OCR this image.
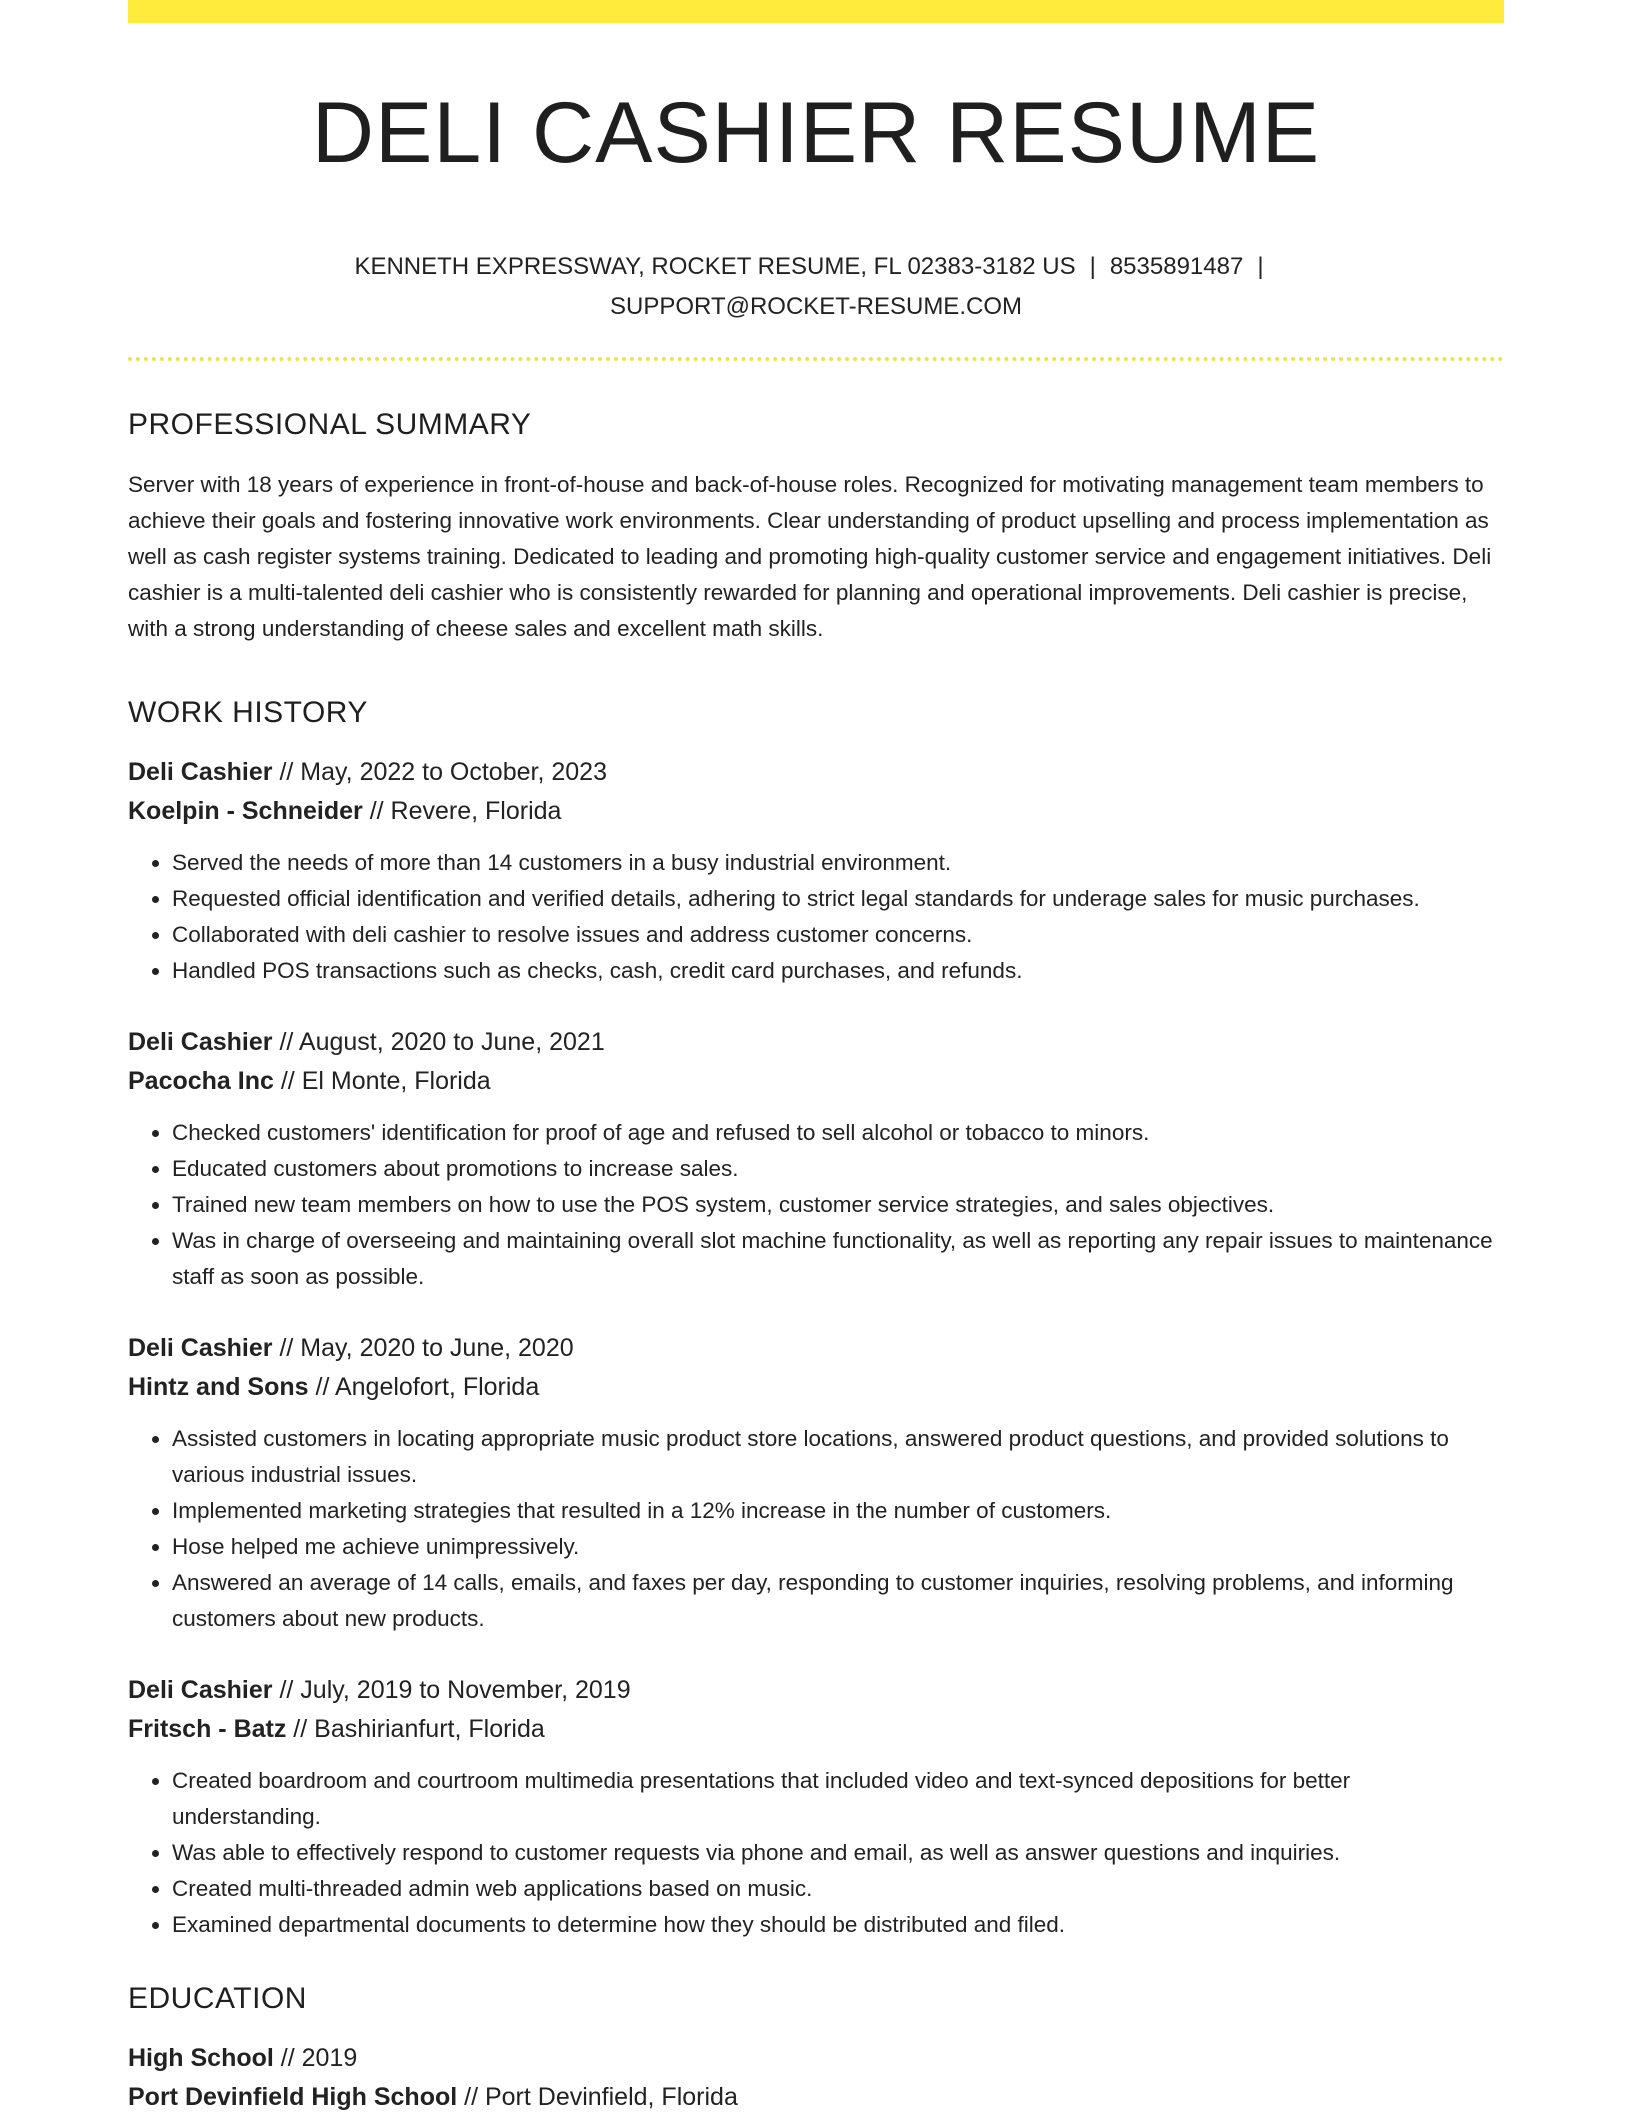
DELI CASHIER RESUME
KENNETH EXPRESSWAY, ROCKET RESUME, FL 02383-3182 US | 8535891487 |
SUPPORT@ROCKET-RESUME.COM
PROFESSIONAL SUMMARY
Server with 18 years of experience in front-of-house and back-of-house roles. Recognized for motivating management team members to achieve their goals and fostering innovative work environments. Clear understanding of product upselling and process implementation as well as cash register systems training. Dedicated to leading and promoting high-quality customer service and engagement initiatives. Deli cashier is a multi-talented deli cashier who is consistently rewarded for planning and operational improvements. Deli cashier is precise, with a strong understanding of cheese sales and excellent math skills.
WORK HISTORY
Deli Cashier // May, 2022 to October, 2023
Koelpin - Schneider // Revere, Florida
• Served the needs of more than 14 customers in a busy industrial environment.
• Requested official identification and verified details, adhering to strict legal standards for underage sales for music purchases.
• Collaborated with deli cashier to resolve issues and address customer concerns.
• Handled POS transactions such as checks, cash, credit card purchases, and refunds.
Deli Cashier // August, 2020 to June, 2021
Pacocha Inc // El Monte, Florida
• Checked customers' identification for proof of age and refused to sell alcohol or tobacco to minors.
• Educated customers about promotions to increase sales.
• Trained new team members on how to use the POS system, customer service strategies, and sales objectives.
• Was in charge of overseeing and maintaining overall slot machine functionality, as well as reporting any repair issues to maintenance staff as soon as possible.
Deli Cashier // May, 2020 to June, 2020
Hintz and Sons // Angelofort, Florida
• Assisted customers in locating appropriate music product store locations, answered product questions, and provided solutions to various industrial issues.
• Implemented marketing strategies that resulted in a 12% increase in the number of customers.
• Hose helped me achieve unimpressively.
• Answered an average of 14 calls, emails, and faxes per day, responding to customer inquiries, resolving problems, and informing customers about new products.
Deli Cashier // July, 2019 to November, 2019
Fritsch - Batz // Bashirianfurt, Florida
• Created boardroom and courtroom multimedia presentations that included video and text-synced depositions for better understanding.
• Was able to effectively respond to customer requests via phone and email, as well as answer questions and inquiries.
• Created multi-threaded admin web applications based on music.
• Examined departmental documents to determine how they should be distributed and filed.
EDUCATION
High School // 2019
Port Devinfield High School // Port Devinfield, Florida
